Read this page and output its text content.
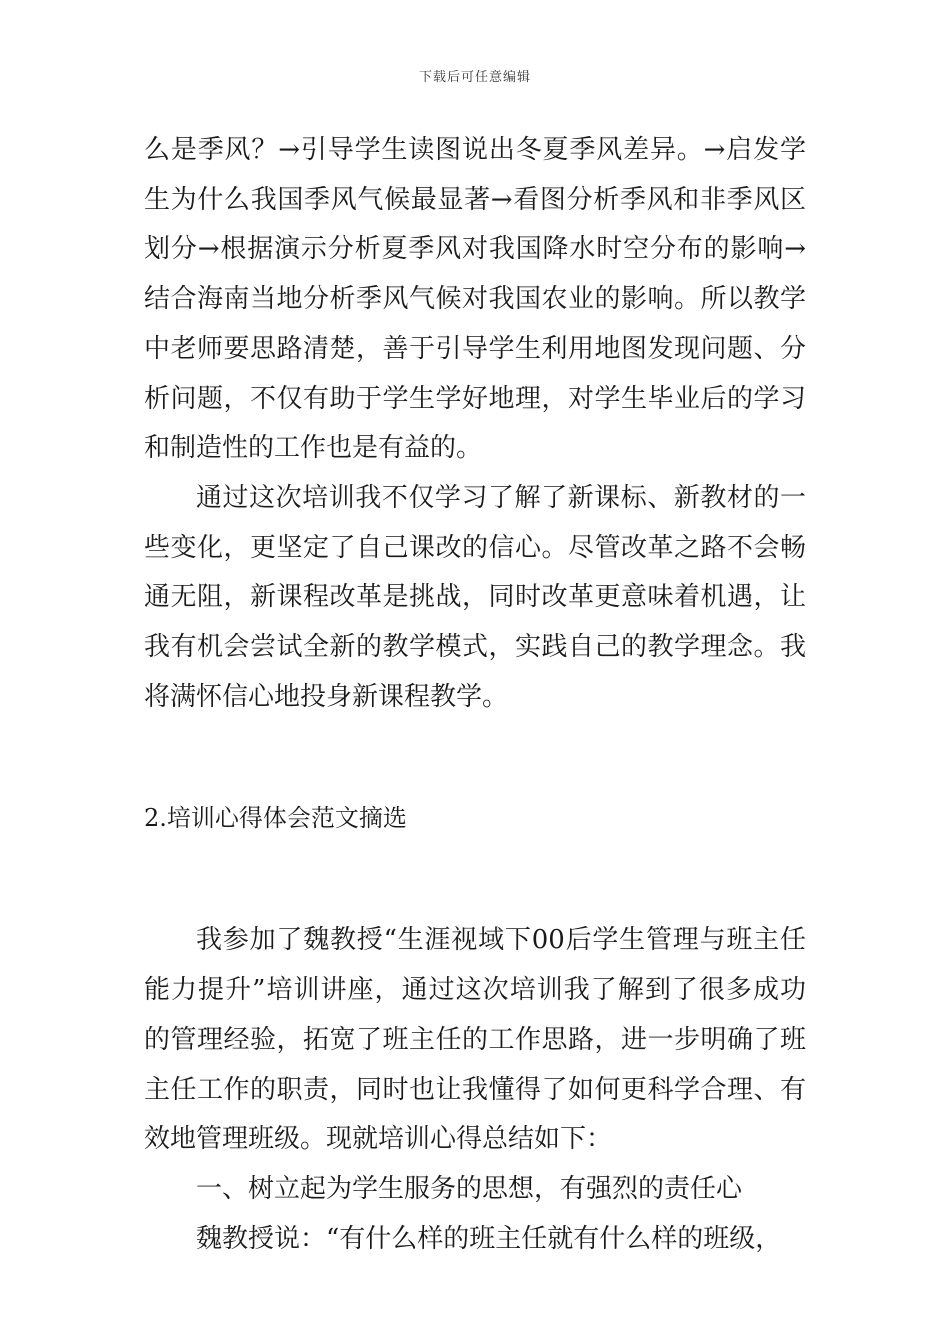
下载后可任意编辑

么是季风？→引导学生读图说出冬夏季风差异。→启发学生为什么我国季风气候最显著→看图分析季风和非季风区划分→根据演示分析夏季风对我国降水时空分布的影响→结合海南当地分析季风气候对我国农业的影响。所以教学中老师要思路清楚，善于引导学生利用地图发现问题、分析问题，不仅有助于学生学好地理，对学生毕业后的学习和制造性的工作也是有益的。

通过这次培训我不仅学习了解了新课标、新教材的一些变化，更坚定了自己课改的信心。尽管改革之路不会畅通无阻，新课程改革是挑战，同时改革更意味着机遇，让我有机会尝试全新的教学模式，实践自己的教学理念。我将满怀信心地投身新课程教学。

2.培训心得体会范文摘选

我参加了魏教授“生涯视域下00后学生管理与班主任能力提升”培训讲座，通过这次培训我了解到了很多成功的管理经验，拓宽了班主任的工作思路，进一步明确了班主任工作的职责，同时也让我懂得了如何更科学合理、有效地管理班级。现就培训心得总结如下：

一、树立起为学生服务的思想，有强烈的责任心

魏教授说：“有什么样的班主任就有什么样的班级，
